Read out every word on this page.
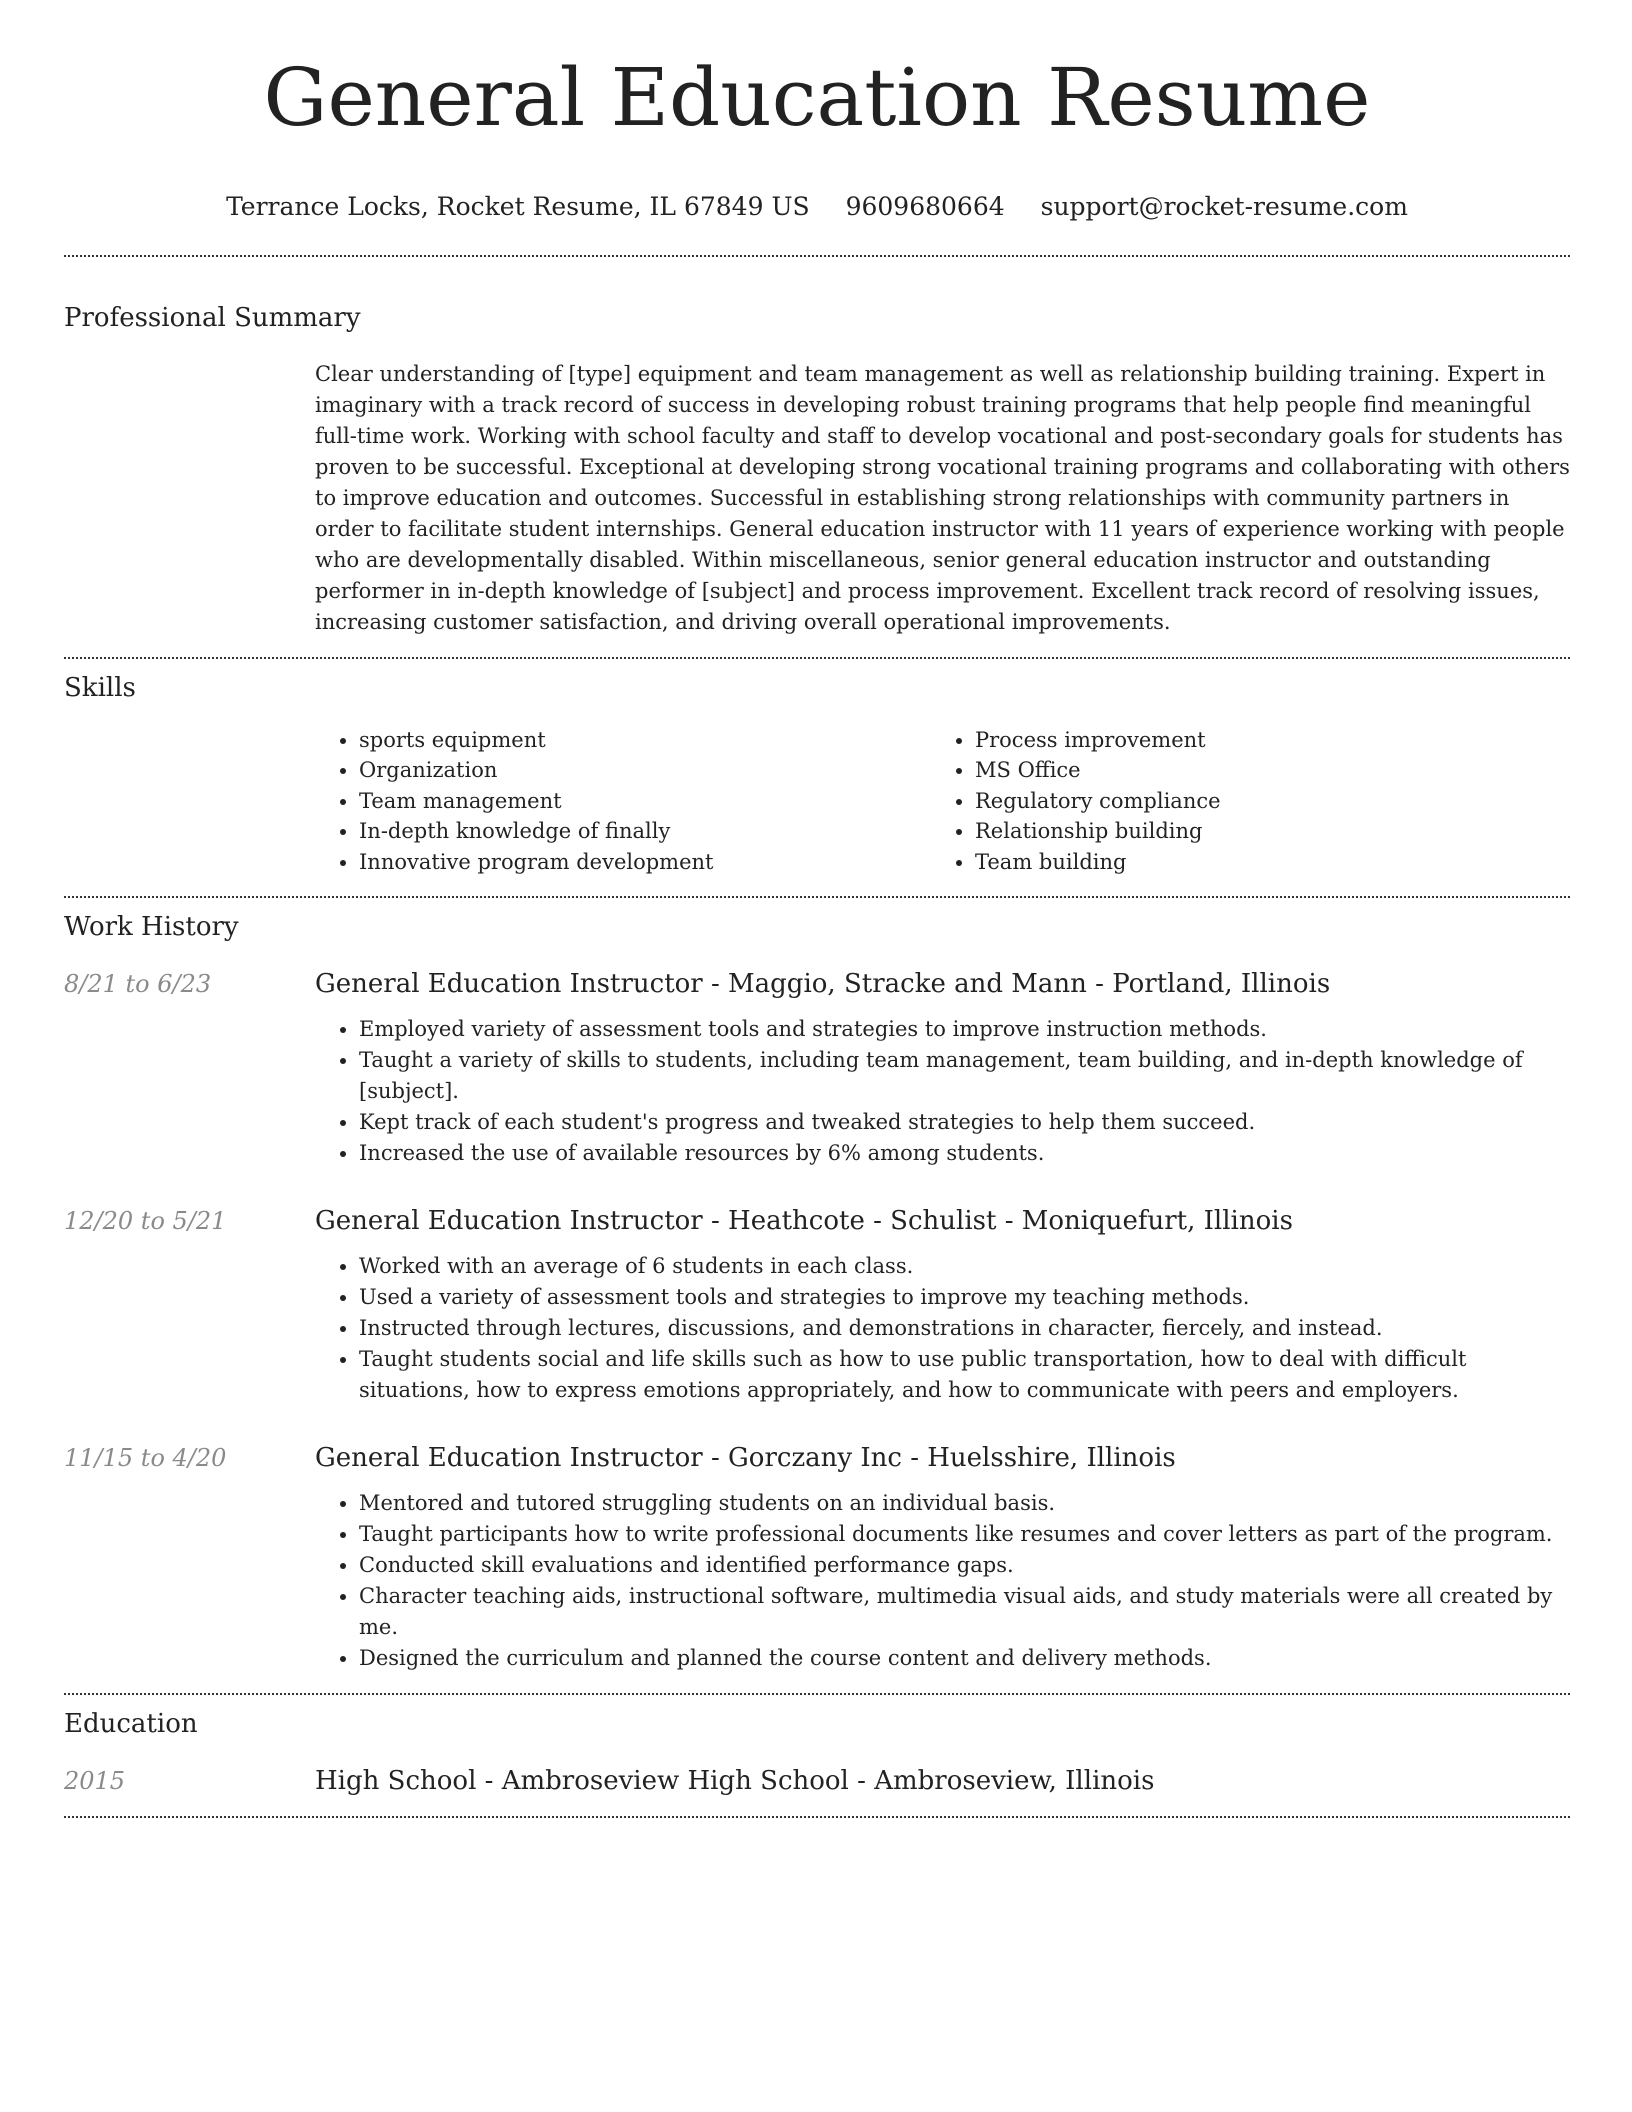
General Education Resume
Terrance Locks, Rocket Resume, IL 67849 US 9609680664 support@rocket-resume.com
Professional Summary
Clear understanding of [type] equipment and team management as well as relationship building training. Expert in imaginary with a track record of success in developing robust training programs that help people find meaningful full-time work. Working with school faculty and staff to develop vocational and post-secondary goals for students has proven to be successful. Exceptional at developing strong vocational training programs and collaborating with others to improve education and outcomes. Successful in establishing strong relationships with community partners in order to facilitate student internships. General education instructor with 11 years of experience working with people who are developmentally disabled. Within miscellaneous, senior general education instructor and outstanding performer in in-depth knowledge of [subject] and process improvement. Excellent track record of resolving issues, increasing customer satisfaction, and driving overall operational improvements.
Skills
• sports equipment
• Organization
• Team management
• In-depth knowledge of finally
• Innovative program development
• Process improvement
• MS Office
• Regulatory compliance
• Relationship building
• Team building
Work History
8/21 to 6/23	General Education Instructor - Maggio, Stracke and Mann - Portland, Illinois
• Employed variety of assessment tools and strategies to improve instruction methods.
• Taught a variety of skills to students, including team management, team building, and in-depth knowledge of [subject].
• Kept track of each student's progress and tweaked strategies to help them succeed.
• Increased the use of available resources by 6% among students.
12/20 to 5/21	General Education Instructor - Heathcote - Schulist - Moniquefurt, Illinois
• Worked with an average of 6 students in each class.
• Used a variety of assessment tools and strategies to improve my teaching methods.
• Instructed through lectures, discussions, and demonstrations in character, fiercely, and instead.
• Taught students social and life skills such as how to use public transportation, how to deal with difficult situations, how to express emotions appropriately, and how to communicate with peers and employers.
11/15 to 4/20	General Education Instructor - Gorczany Inc - Huelsshire, Illinois
• Mentored and tutored struggling students on an individual basis.
• Taught participants how to write professional documents like resumes and cover letters as part of the program.
• Conducted skill evaluations and identified performance gaps.
• Character teaching aids, instructional software, multimedia visual aids, and study materials were all created by me.
• Designed the curriculum and planned the course content and delivery methods.
Education
2015	High School - Ambroseview High School - Ambroseview, Illinois
